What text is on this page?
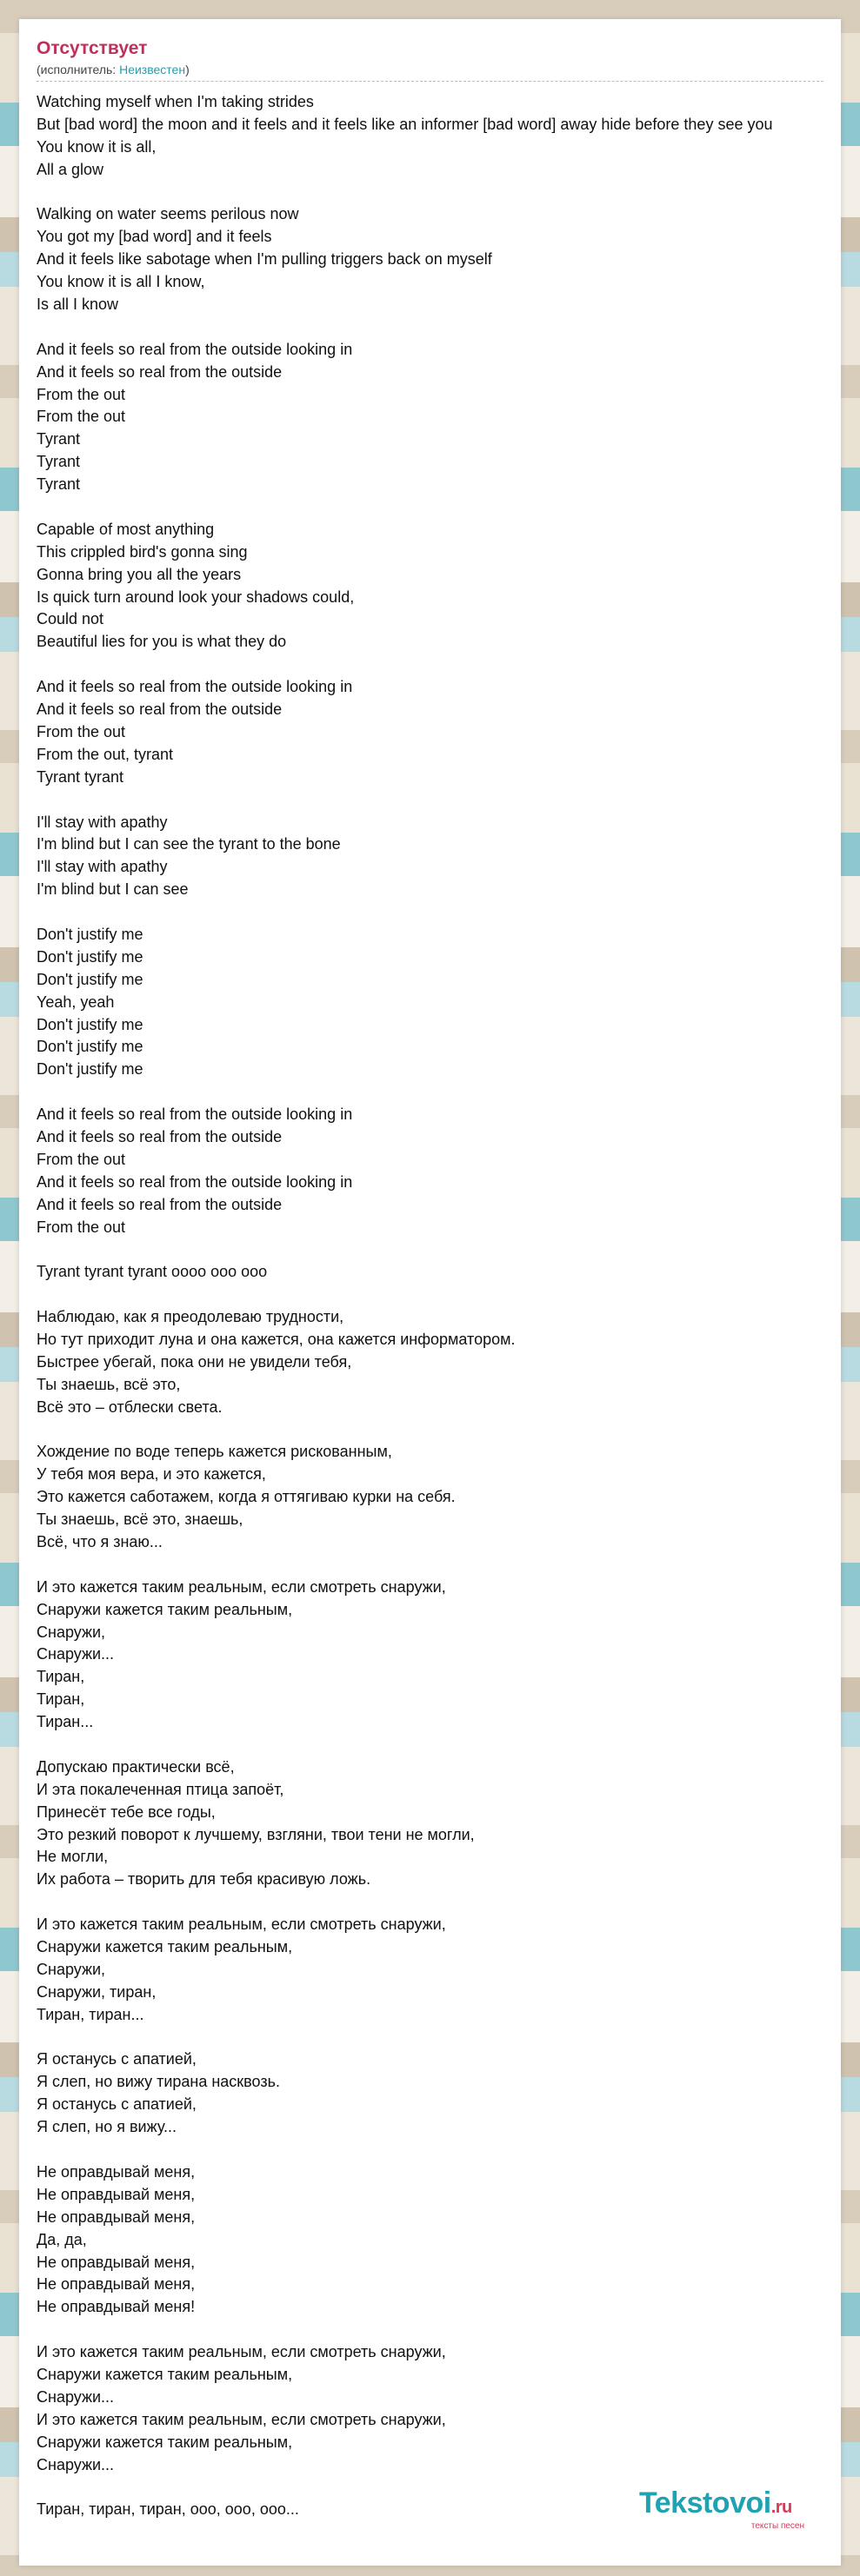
Отсутствует
(исполнитель: Неизвестен)
Watching myself when I'm taking strides
But [bad word] the moon and it feels and it feels like an informer [bad word] away hide before they see you
You know it is all,
All a glow
Walking on water seems perilous now
You got my [bad word] and it feels
And it feels like sabotage when I'm pulling triggers back on myself
You know it is all I know,
Is all I know
And it feels so real from the outside looking in
And it feels so real from the outside
From the out
From the out
Tyrant
Tyrant
Tyrant
Capable of most anything
This crippled bird's gonna sing
Gonna bring you all the years
Is quick turn around look your shadows could,
Could not
Beautiful lies for you is what they do
And it feels so real from the outside looking in
And it feels so real from the outside
From the out
From the out, tyrant
Tyrant tyrant
I'll stay with apathy
I'm blind but I can see the tyrant to the bone
I'll stay with apathy
I'm blind but I can see
Don't justify me
Don't justify me
Don't justify me
Yeah, yeah
Don't justify me
Don't justify me
Don't justify me
And it feels so real from the outside looking in
And it feels so real from the outside
From the out
And it feels so real from the outside looking in
And it feels so real from the outside
From the out
Tyrant tyrant tyrant oooo ooo ooo
Наблюдаю, как я преодолеваю трудности,
Но тут приходит луна и она кажется, она кажется информатором.
Быстрее убегай, пока они не увидели тебя,
Ты знаешь, всё это,
Всё это – отблески света.
Хождение по воде теперь кажется рискованным,
У тебя моя вера, и это кажется,
Это кажется саботажем, когда я оттягиваю курки на себя.
Ты знаешь, всё это, знаешь,
Всё, что я знаю...
И это кажется таким реальным, если смотреть снаружи,
Снаружи кажется таким реальным,
Снаружи,
Снаружи...
Тиран,
Тиран,
Тиран...
Допускаю практически всё,
И эта покалеченная птица запоёт,
Принесёт тебе все годы,
Это резкий поворот к лучшему, взгляни, твои тени не могли,
Не могли,
Их работа – творить для тебя красивую ложь.
И это кажется таким реальным, если смотреть снаружи,
Снаружи кажется таким реальным,
Снаружи,
Снаружи, тиран,
Тиран, тиран...
Я останусь с апатией,
Я слеп, но вижу тирана насквозь.
Я останусь с апатией,
Я слеп, но я вижу...
Не оправдывай меня,
Не оправдывай меня,
Не оправдывай меня,
Да, да,
Не оправдывай меня,
Не оправдывай меня,
Не оправдывай меня!
И это кажется таким реальным, если смотреть снаружи,
Снаружи кажется таким реальным,
Снаружи...
И это кажется таким реальным, если смотреть снаружи,
Снаружи кажется таким реальным,
Снаружи...
Тиран, тиран, тиран, ооо, ооо, ооо...	Tekstovoi.ru
тексты песен
